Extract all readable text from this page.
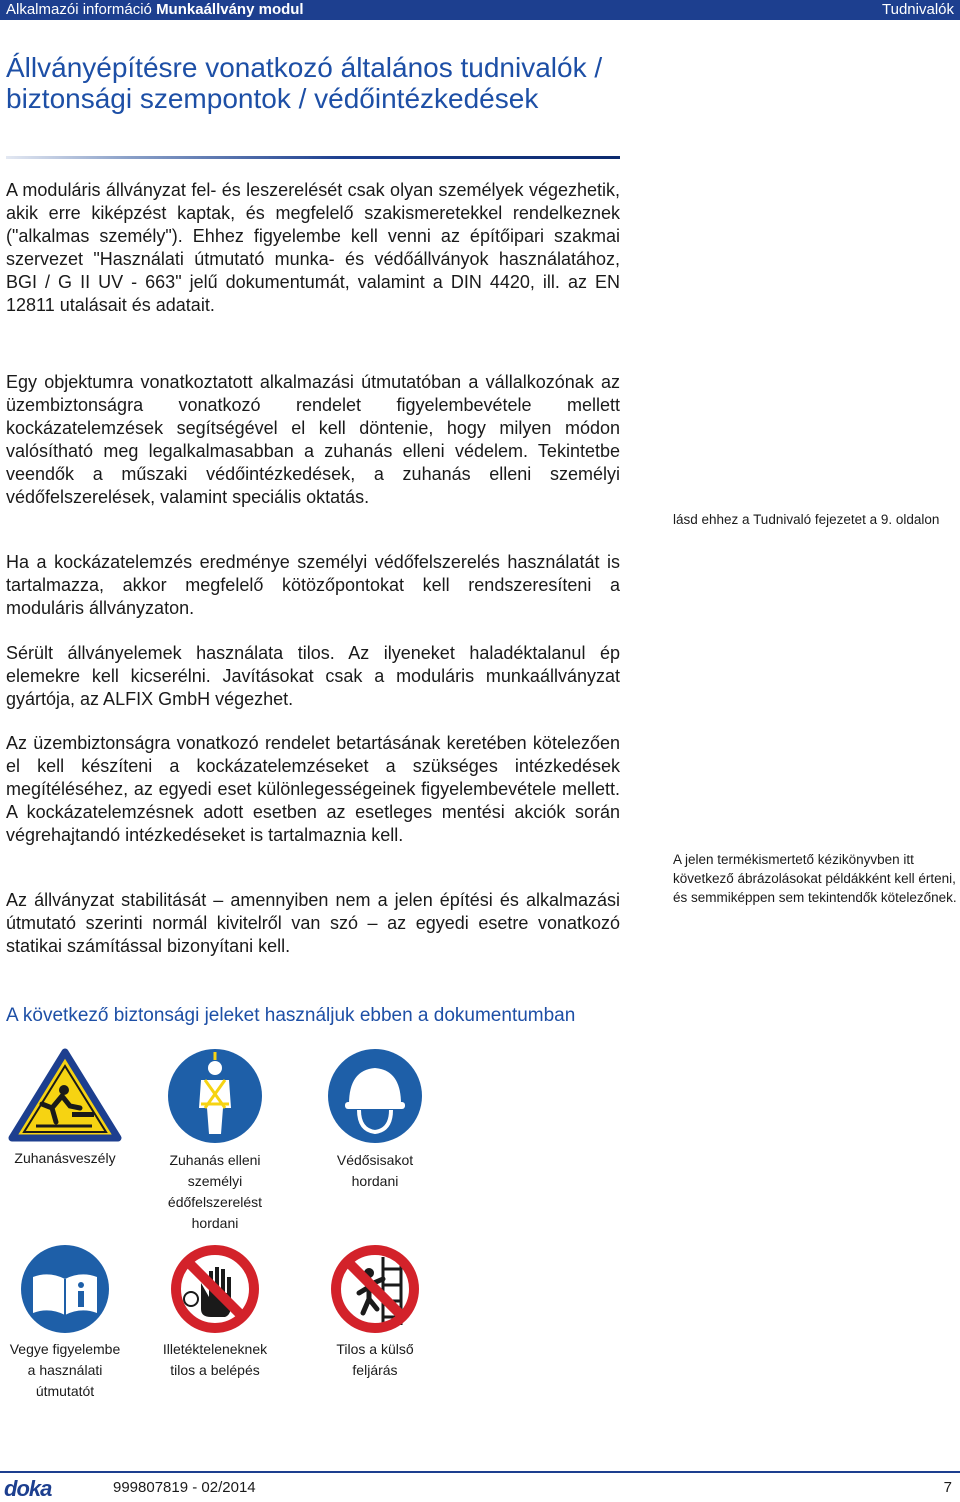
Alkalmazói információ Munkaállvány modul	Tudnivalók
Állványépítésre vonatkozó általános tudnivalók / biztonsági szempontok / védőintézkedések

A moduláris állványzat fel- és leszerelését csak olyan személyek végezhetik, akik erre kiképzést kaptak, és megfelelő szakismeretekkel rendelkeznek ("alkalmas személy"). Ehhez figyelembe kell venni az építőipari szakmai szervezet "Használati útmutató munka- és védőállványok használatához, BGI / G II UV - 663" jelű dokumentumát, valamint a DIN 4420, ill. az EN 12811 utalásait és adatait.

Egy objektumra vonatkoztatott alkalmazási útmutatóban a vállalkozónak az üzembiztonságra vonatkozó rendelet figyelembevétele mellett kockázatelemzések segítségével el kell döntenie, hogy milyen módon valósítható meg legalkalmasabban a zuhanás elleni védelem. Tekintetbe veendők a műszaki védőintézkedések, a zuhanás elleni személyi védőfelszerelések, valamint speciális oktatás.

Ha a kockázatelemzés eredménye személyi védőfelszerelés használatát is tartalmazza, akkor megfelelő kötözőpontokat kell rendszeresíteni a moduláris állványzaton.

Sérült állványelemek használata tilos. Az ilyeneket haladéktalanul ép elemekre kell kicserélni. Javításokat csak a moduláris munkaállványzat gyártója, az ALFIX GmbH végezhet.

Az üzembiztonságra vonatkozó rendelet betartásának keretében kötelezően el kell készíteni a kockázatelemzéseket a szükséges intézkedések megítéléséhez, az egyedi eset különlegességeinek figyelembevétele mellett. A kockázatelemzésnek adott esetben az esetleges mentési akciók során végrehajtandó intézkedéseket is tartalmaznia kell.

Az állványzat stabilitását – amennyiben nem a jelen építési és alkalmazási útmutató szerinti normál kivitelről van szó – az egyedi esetre vonatkozó statikai számítással bizonyítani kell.

lásd ehhez a Tudnivaló fejezetet a 9. oldalon

A jelen termékismertető kézikönyvben itt következő ábrázolásokat példákként kell érteni, és semmiképpen sem tekintendők kötelezőnek.

A következő biztonsági jeleket használjuk ebben a dokumentumban
Zuhanásveszély	Zuhanás elleni
személyi
édőfelszerelést hordani
Védősisakot
hordani
Vegye figyelembe
a használati
útmutatót
Illetékteleneknek
tilos a belépés
Tilos a külső
feljárás
doka	999807819 - 02/2014	7
